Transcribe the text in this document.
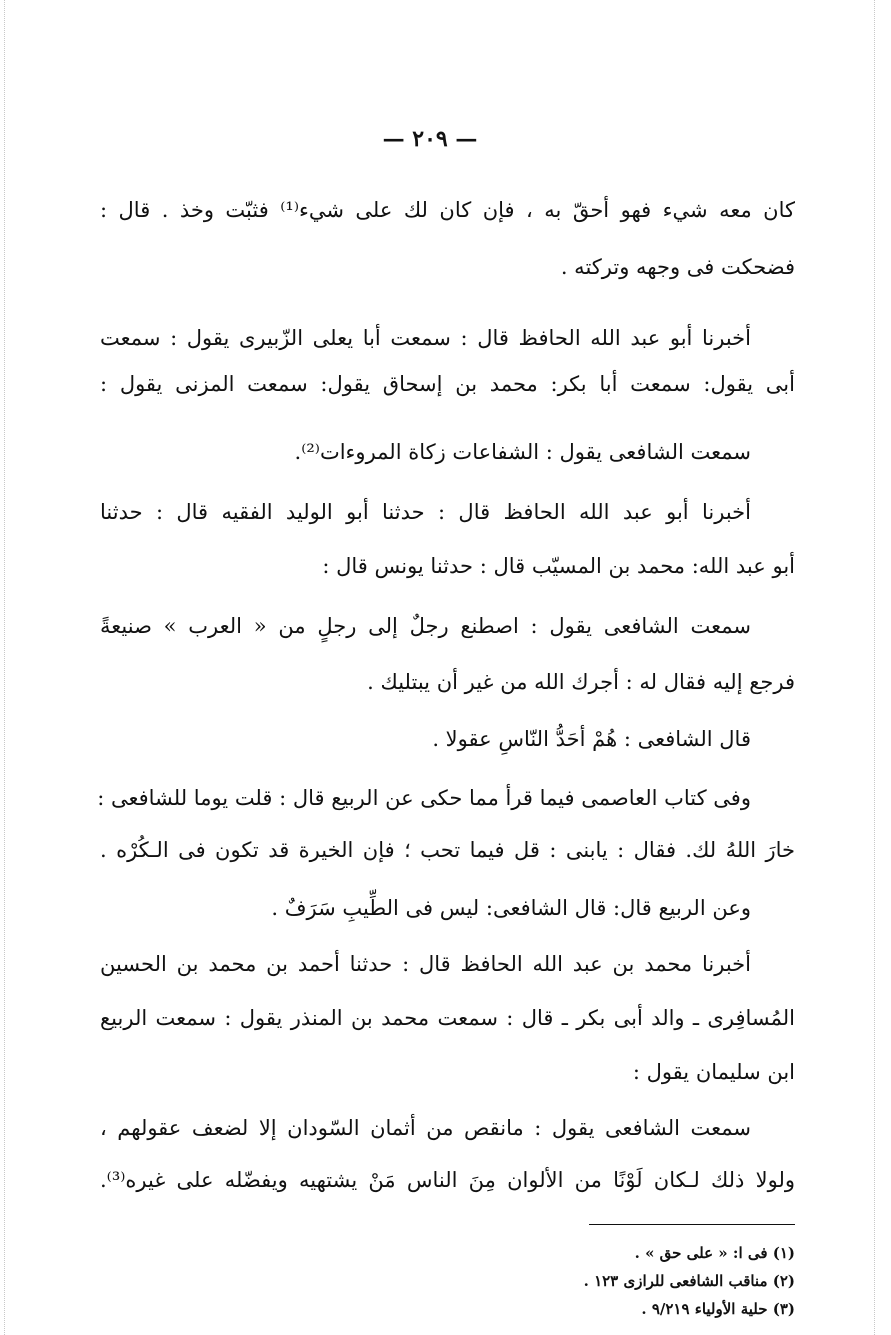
— ٢٠٩ —
كان معه شيء فهو أحقّ به ، فإن كان لك على شيء⁽¹⁾ فثبّت وخذ . قال :
فضحكت فى وجهه وتركته .
أخبرنا أبو عبد الله الحافظ قال : سمعت أبا يعلى الزّبيرى يقول : سمعت
أبى يقول: سمعت أبا بكر: محمد بن إسحاق يقول: سمعت المزنى يقول :
سمعت الشافعى يقول : الشفاعات زكاة المروءات⁽²⁾.
أخبرنا أبو عبد الله الحافظ قال : حدثنا أبو الوليد الفقيه قال : حدثنا
أبو عبد الله: محمد بن المسيّب قال : حدثنا يونس قال :
سمعت الشافعى يقول : اصطنع رجلٌ إلى رجلٍ من « العرب » صنيعةً
فرجع إليه فقال له : أجرك الله من غير أن يبتليك .
قال الشافعى : هُمْ أحَدُّ النّاسِ عقولا .
وفى كتاب العاصمى فيما قرأ مما حكى عن الربيع قال : قلت يوما للشافعى :
خارَ اللهُ لك. فقال : يابنى : قل فيما تحب ؛ فإن الخيرة قد تكون فى الـكُرْه .
وعن الربيع قال: قال الشافعى: ليس فى الطِّيبِ سَرَفٌ .
أخبرنا محمد بن عبد الله الحافظ قال : حدثنا أحمد بن محمد بن الحسين
المُسافِرى ـ والد أبى بكر ـ قال : سمعت محمد بن المنذر يقول : سمعت الربيع
ابن سليمان يقول :
سمعت الشافعى يقول : مانقص من أثمان السّودان إلا لضعف عقولهم ،
ولولا ذلك لـكان لَوْنًا من الألوان مِنَ الناس مَنْ يشتهيه ويفضّله على غيره⁽³⁾.
(١) فى ا: « على حق » .
(٢) مناقب الشافعى للرازى ١٢٣ .
(٣) حلية الأولياء ٩/٢١٩ .
